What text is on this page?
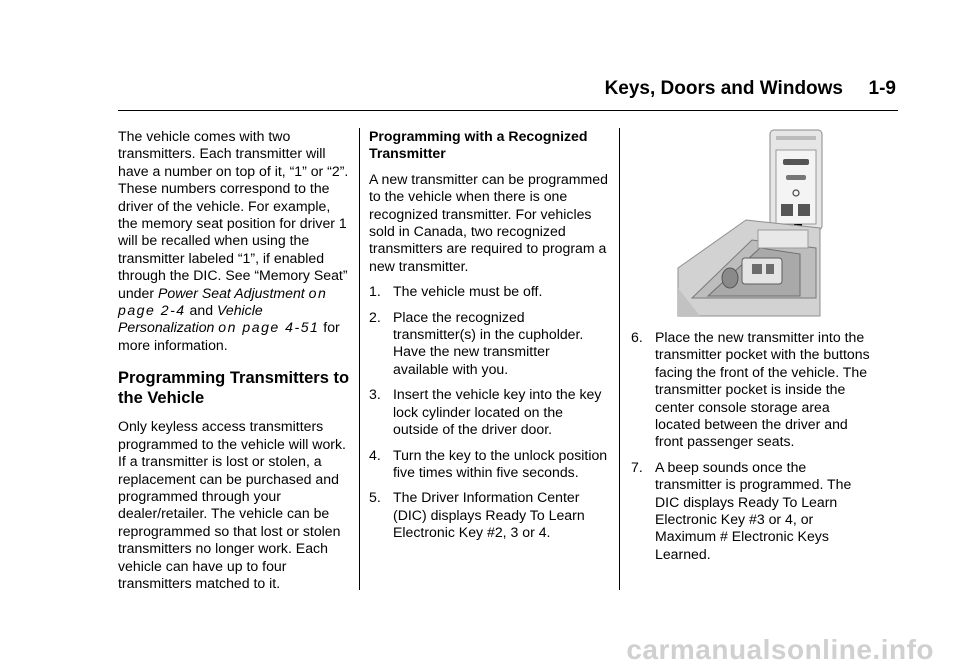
Keys, Doors and Windows 1-9

The vehicle comes with two transmitters. Each transmitter will have a number on top of it, “1” or “2”. These numbers correspond to the driver of the vehicle. For example, the memory seat position for driver 1 will be recalled when using the transmitter labeled “1”, if enabled through the DIC. See “Memory Seat” under Power Seat Adjustment on page 2-4 and Vehicle Personalization on page 4-51 for more information.

Programming Transmitters to the Vehicle

Only keyless access transmitters programmed to the vehicle will work. If a transmitter is lost or stolen, a replacement can be purchased and programmed through your dealer/retailer. The vehicle can be reprogrammed so that lost or stolen transmitters no longer work. Each vehicle can have up to four transmitters matched to it.

Programming with a Recognized Transmitter

A new transmitter can be programmed to the vehicle when there is one recognized transmitter. For vehicles sold in Canada, two recognized transmitters are required to program a new transmitter.

1. The vehicle must be off.
2. Place the recognized transmitter(s) in the cupholder. Have the new transmitter available with you.
3. Insert the vehicle key into the key lock cylinder located on the outside of the driver door.
4. Turn the key to the unlock position five times within five seconds.
5. The Driver Information Center (DIC) displays Ready To Learn Electronic Key #2, 3 or 4.
6. Place the new transmitter into the transmitter pocket with the buttons facing the front of the vehicle. The transmitter pocket is inside the center console storage area located between the driver and front passenger seats.
7. A beep sounds once the transmitter is programmed. The DIC displays Ready To Learn Electronic Key #3 or 4, or Maximum # Electronic Keys Learned.
carmanualsonline.info
